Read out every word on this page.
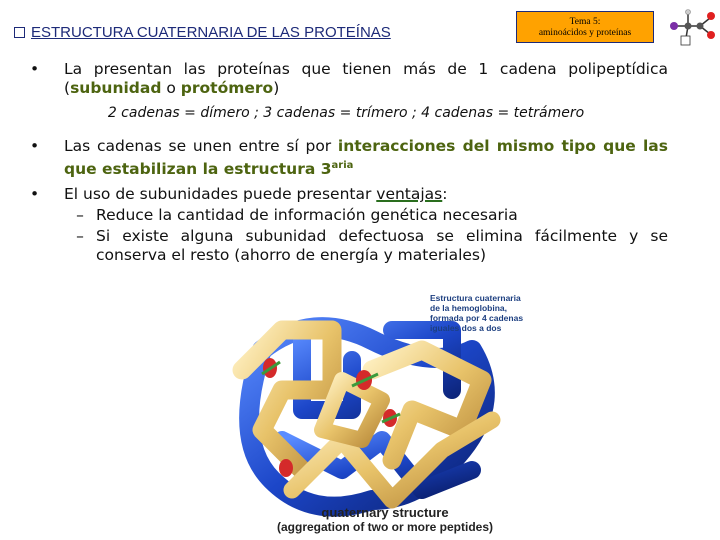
ESTRUCTURA CUATERNARIA DE LAS PROTEÍNAS
Tema 5:
aminoácidos y proteínas
•	La presentan las proteínas que tienen más de 1 cadena polipeptídica (subunidad o protómero)
2 cadenas = dímero ; 3 cadenas = trímero ; 4 cadenas = tetrámero
•	Las cadenas se unen entre sí por interacciones del mismo tipo que las que estabilizan la estructura $3^{aria}$
•	El uso de subunidades puede presentar ventajas:
– Reduce la cantidad de información genética necesaria
– Si existe alguna subunidad defectuosa se elimina fácilmente y se conserva el resto (ahorro de energía y materiales)
Estructura cuaternaria
de la hemoglobina,
formada por 4 cadenas
iguales dos a dos
quaternary structure
(aggregation of two or more peptides)
